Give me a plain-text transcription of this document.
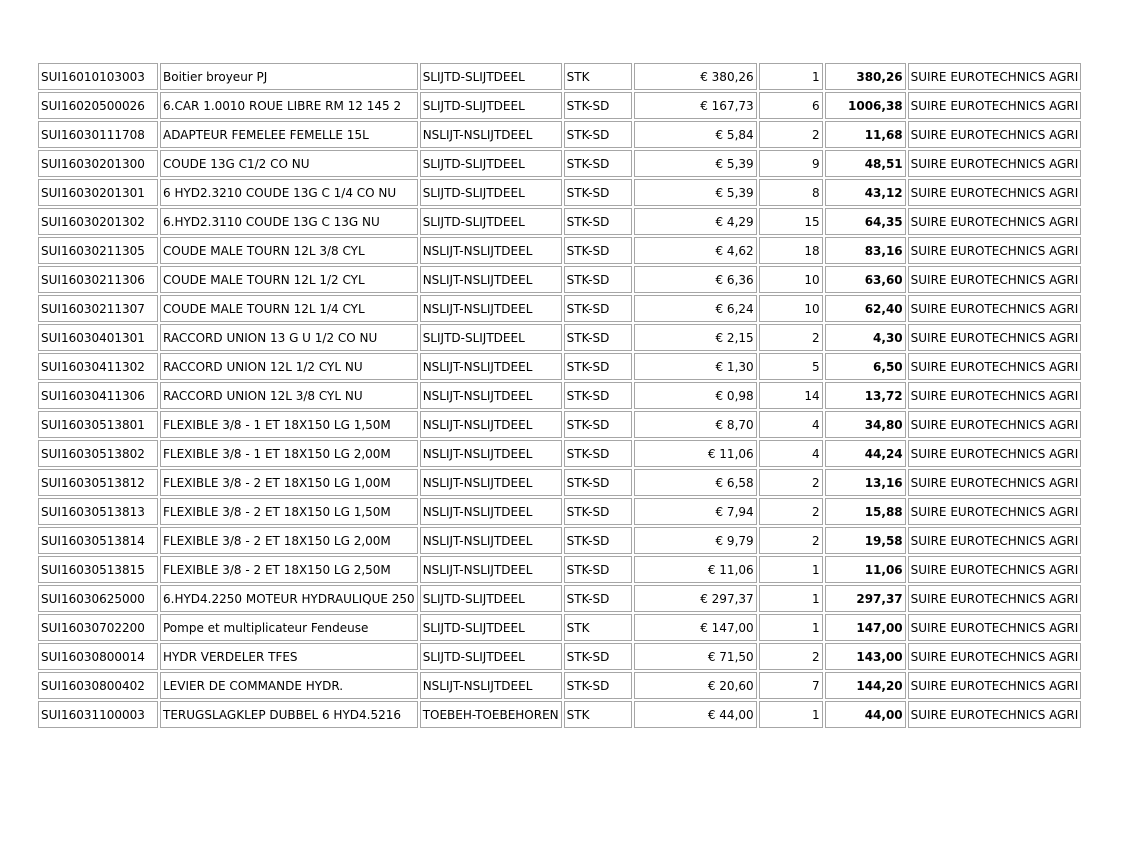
SUI16010103003	Boitier broyeur PJ	SLIJTD-SLIJTDEEL	STK	€ 380,26	1	380,26	SUIRE EUROTECHNICS AGRI
SUI16020500026	6.CAR 1.0010 ROUE LIBRE RM 12 145 2	SLIJTD-SLIJTDEEL	STK-SD	€ 167,73	6	1006,38	SUIRE EUROTECHNICS AGRI
SUI16030111708	ADAPTEUR FEMELEE FEMELLE 15L	NSLIJT-NSLIJTDEEL	STK-SD	€ 5,84	2	11,68	SUIRE EUROTECHNICS AGRI
SUI16030201300	COUDE 13G C1/2 CO NU	SLIJTD-SLIJTDEEL	STK-SD	€ 5,39	9	48,51	SUIRE EUROTECHNICS AGRI
SUI16030201301	6 HYD2.3210 COUDE 13G C 1/4 CO NU	SLIJTD-SLIJTDEEL	STK-SD	€ 5,39	8	43,12	SUIRE EUROTECHNICS AGRI
SUI16030201302	6.HYD2.3110 COUDE 13G C 13G NU	SLIJTD-SLIJTDEEL	STK-SD	€ 4,29	15	64,35	SUIRE EUROTECHNICS AGRI
SUI16030211305	COUDE MALE TOURN 12L 3/8 CYL	NSLIJT-NSLIJTDEEL	STK-SD	€ 4,62	18	83,16	SUIRE EUROTECHNICS AGRI
SUI16030211306	COUDE MALE TOURN 12L 1/2 CYL	NSLIJT-NSLIJTDEEL	STK-SD	€ 6,36	10	63,60	SUIRE EUROTECHNICS AGRI
SUI16030211307	COUDE MALE TOURN 12L 1/4 CYL	NSLIJT-NSLIJTDEEL	STK-SD	€ 6,24	10	62,40	SUIRE EUROTECHNICS AGRI
SUI16030401301	RACCORD UNION 13 G U 1/2 CO NU	SLIJTD-SLIJTDEEL	STK-SD	€ 2,15	2	4,30	SUIRE EUROTECHNICS AGRI
SUI16030411302	RACCORD UNION 12L 1/2 CYL NU	NSLIJT-NSLIJTDEEL	STK-SD	€ 1,30	5	6,50	SUIRE EUROTECHNICS AGRI
SUI16030411306	RACCORD UNION 12L 3/8 CYL NU	NSLIJT-NSLIJTDEEL	STK-SD	€ 0,98	14	13,72	SUIRE EUROTECHNICS AGRI
SUI16030513801	FLEXIBLE 3/8 - 1 ET 18X150 LG 1,50M	NSLIJT-NSLIJTDEEL	STK-SD	€ 8,70	4	34,80	SUIRE EUROTECHNICS AGRI
SUI16030513802	FLEXIBLE 3/8 - 1 ET 18X150 LG 2,00M	NSLIJT-NSLIJTDEEL	STK-SD	€ 11,06	4	44,24	SUIRE EUROTECHNICS AGRI
SUI16030513812	FLEXIBLE 3/8 - 2 ET 18X150 LG 1,00M	NSLIJT-NSLIJTDEEL	STK-SD	€ 6,58	2	13,16	SUIRE EUROTECHNICS AGRI
SUI16030513813	FLEXIBLE 3/8 - 2 ET 18X150 LG 1,50M	NSLIJT-NSLIJTDEEL	STK-SD	€ 7,94	2	15,88	SUIRE EUROTECHNICS AGRI
SUI16030513814	FLEXIBLE 3/8 - 2 ET 18X150 LG 2,00M	NSLIJT-NSLIJTDEEL	STK-SD	€ 9,79	2	19,58	SUIRE EUROTECHNICS AGRI
SUI16030513815	FLEXIBLE 3/8 - 2 ET 18X150 LG 2,50M	NSLIJT-NSLIJTDEEL	STK-SD	€ 11,06	1	11,06	SUIRE EUROTECHNICS AGRI
SUI16030625000	6.HYD4.2250 MOTEUR HYDRAULIQUE 250	SLIJTD-SLIJTDEEL	STK-SD	€ 297,37	1	297,37	SUIRE EUROTECHNICS AGRI
SUI16030702200	Pompe et multiplicateur Fendeuse	SLIJTD-SLIJTDEEL	STK	€ 147,00	1	147,00	SUIRE EUROTECHNICS AGRI
SUI16030800014	HYDR VERDELER TFES	SLIJTD-SLIJTDEEL	STK-SD	€ 71,50	2	143,00	SUIRE EUROTECHNICS AGRI
SUI16030800402	LEVIER DE COMMANDE HYDR.	NSLIJT-NSLIJTDEEL	STK-SD	€ 20,60	7	144,20	SUIRE EUROTECHNICS AGRI
SUI16031100003	TERUGSLAGKLEP DUBBEL 6 HYD4.5216	TOEBEH-TOEBEHOREN	STK	€ 44,00	1	44,00	SUIRE EUROTECHNICS AGRI
